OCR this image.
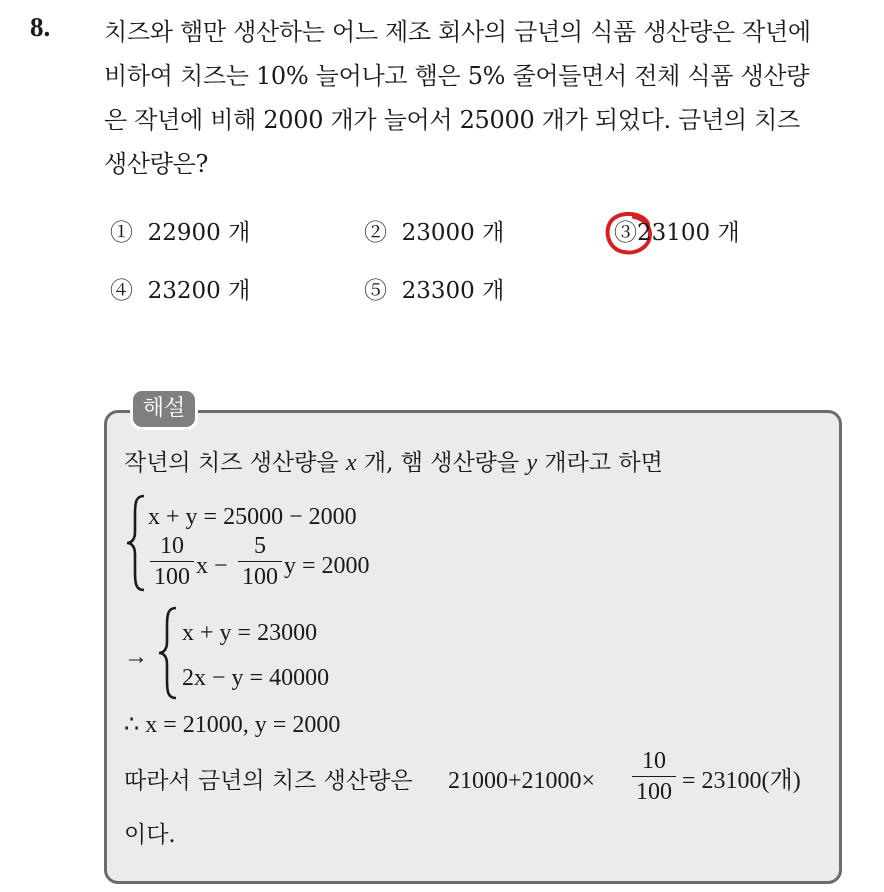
8. 치즈와 햄만 생산하는 어느 제조 회사의 금년의 식품 생산량은 작년에
비하여 치즈는 10% 늘어나고 햄은 5% 줄어들면서 전체 식품 생산량
은 작년에 비해 2000 개가 늘어서 25000 개가 되었다. 금년의 치즈
생산량은?
① 22900 개	② 23000 개	③23100 개
④ 23200 개	⑤ 23300 개
해설
작년의 치즈 생산량을 x 개, 햄 생산량을 y 개라고 하면
x + y = 25000 − 2000
10
100 x −
5
100 y = 2000
→
x + y = 23000
2x − y = 40000
∴ x = 21000, y = 2000
따라서 금년의 치즈 생산량은 21000+21000×
10
100 = 23100(개)
이다.
